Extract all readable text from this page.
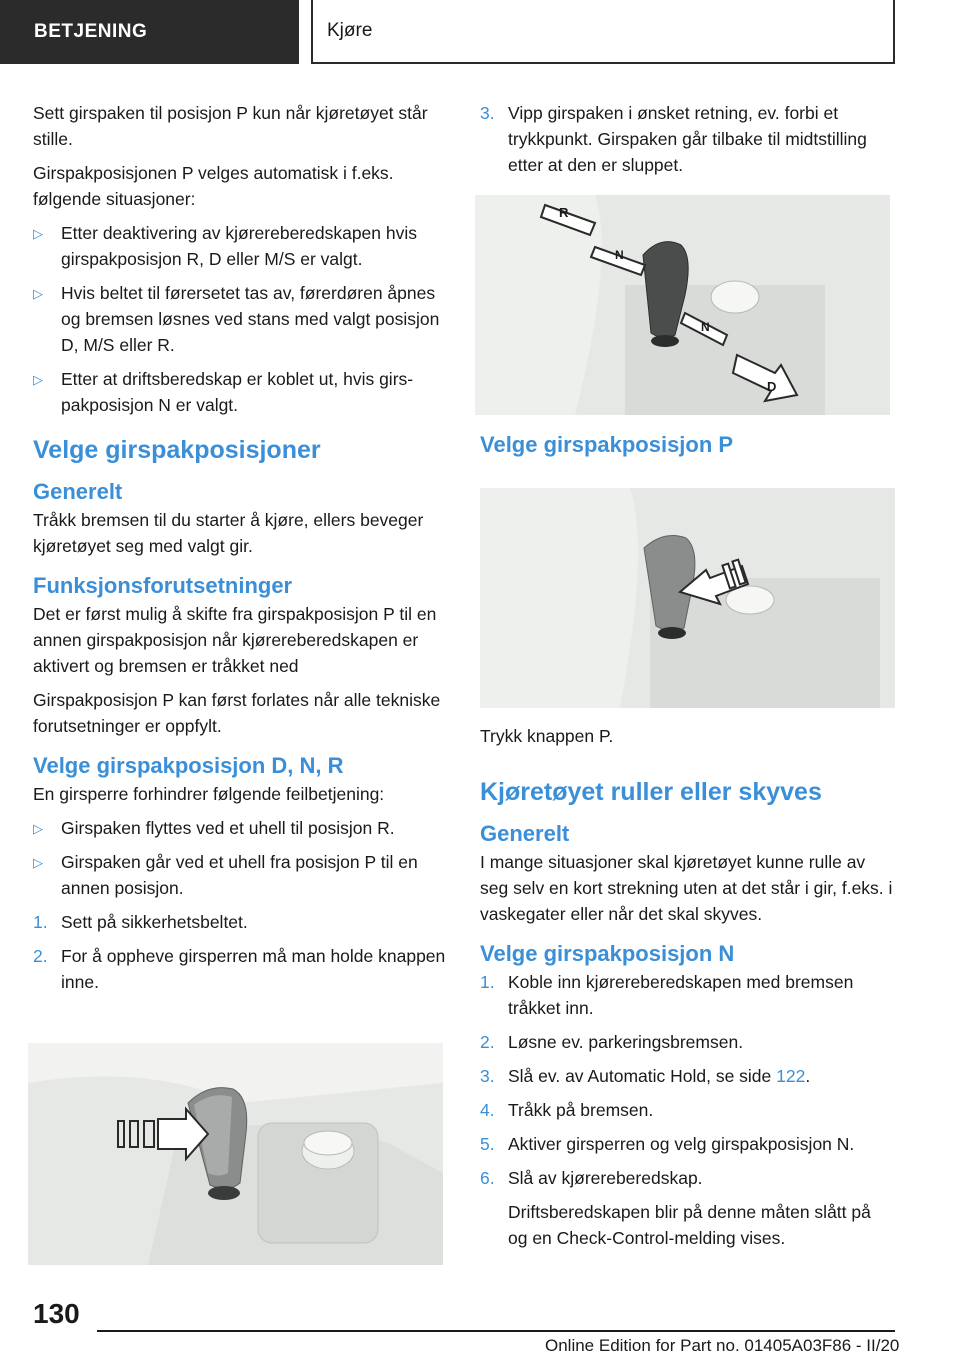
BETJENING	Kjøre

Sett girspaken til posisjon P kun når kjøretøyet står stille.

Girspakposisjonen P velges automatisk i f.eks. følgende situasjoner:

▷ Etter deaktivering av kjørereberedskapen hvis girspakposisjon R, D eller M/S er valgt.
▷ Hvis beltet til førersetet tas av, førerdøren åpnes og bremsen løsnes ved stans med valgt posisjon D, M/S eller R.
▷ Etter at driftsberedskap er koblet ut, hvis girspakposisjon N er valgt.
Velge girspakposisjoner
Generelt

Tråkk bremsen til du starter å kjøre, ellers beveger kjøretøyet seg med valgt gir.

Funksjonsforutsetninger

Det er først mulig å skifte fra girspakposisjon P til en annen girspakposisjon når kjørereberedskapen er aktivert og bremsen er tråkket ned

Girspakposisjon P kan først forlates når alle tekniske forutsetninger er oppfylt.

Velge girspakposisjon D, N, R

En girsperre forhindrer følgende feilbetjening:

▷ Girspaken flyttes ved et uhell til posisjon R.
▷ Girspaken går ved et uhell fra posisjon P til en annen posisjon.
1. Sett på sikkerhetsbeltet.
2. For å oppheve girsperren må man holde knappen inne.
3. Vipp girspaken i ønsket retning, ev. forbi et trykkpunkt. Girspaken går tilbake til midtstilling etter at den er sluppet.
R
N
N
D
Velge girspakposisjon P

Trykk knappen P.

Kjøretøyet ruller eller skyves
Generelt

I mange situasjoner skal kjøretøyet kunne rulle av seg selv en kort strekning uten at det står i gir, f.eks. i vaskegater eller når det skal skyves.

Velge girspakposisjon N
1. Koble inn kjørereberedskapen med bremsen tråkket inn.
2. Løsne ev. parkeringsbremsen.
3. Slå ev. av Automatic Hold, se side 122.
4. Tråkk på bremsen.
5. Aktiver girsperren og velg girspakposisjon N.
6. Slå av kjørereberedskap.

Driftsberedskapen blir på denne måten slått på og en Check-Control-melding vises.

130
Online Edition for Part no. 01405A03F86 - II/20
